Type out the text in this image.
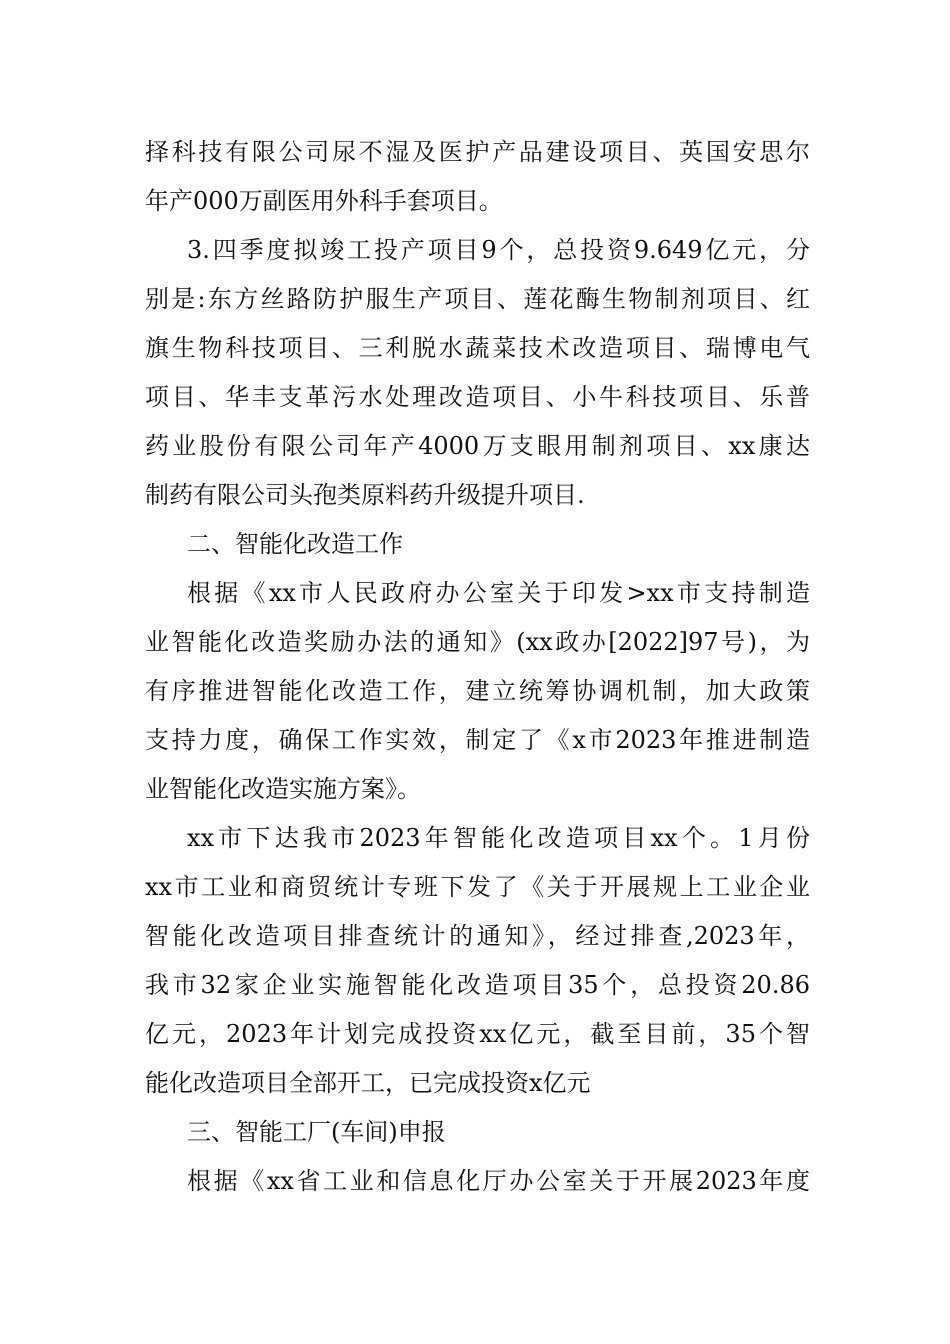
择科技有限公司尿不湿及医护产品建设项目、英国安思尔
年产000万副医用外科手套项目。
3.四季度拟竣工投产项目9个，总投资9.649亿元，分
别是:东方丝路防护服生产项目、莲花酶生物制剂项目、红
旗生物科技项目、三利脱水蔬菜技术改造项目、瑞博电气
项目、华丰支革污水处理改造项目、小牛科技项目、乐普
药业股份有限公司年产4000万支眼用制剂项目、xx康达
制药有限公司头孢类原料药升级提升项目.
二、智能化改造工作
根据《xx市人民政府办公室关于印发>xx市支持制造
业智能化改造奖励办法的通知》(xx政办[2022]97号)，为
有序推进智能化改造工作，建立统筹协调机制，加大政策
支持力度，确保工作实效，制定了《x市2023年推进制造
业智能化改造实施方案》。
xx市下达我市2023年智能化改造项目xx个。1月份
xx市工业和商贸统计专班下发了《关于开展规上工业企业
智能化改造项目排查统计的通知》，经过排查,2023年，
我市32家企业实施智能化改造项目35个，总投资20.86
亿元，2023年计划完成投资xx亿元，截至目前，35个智
能化改造项目全部开工，已完成投资x亿元
三、智能工厂(车间)申报
根据《xx省工业和信息化厅办公室关于开展2023年度
